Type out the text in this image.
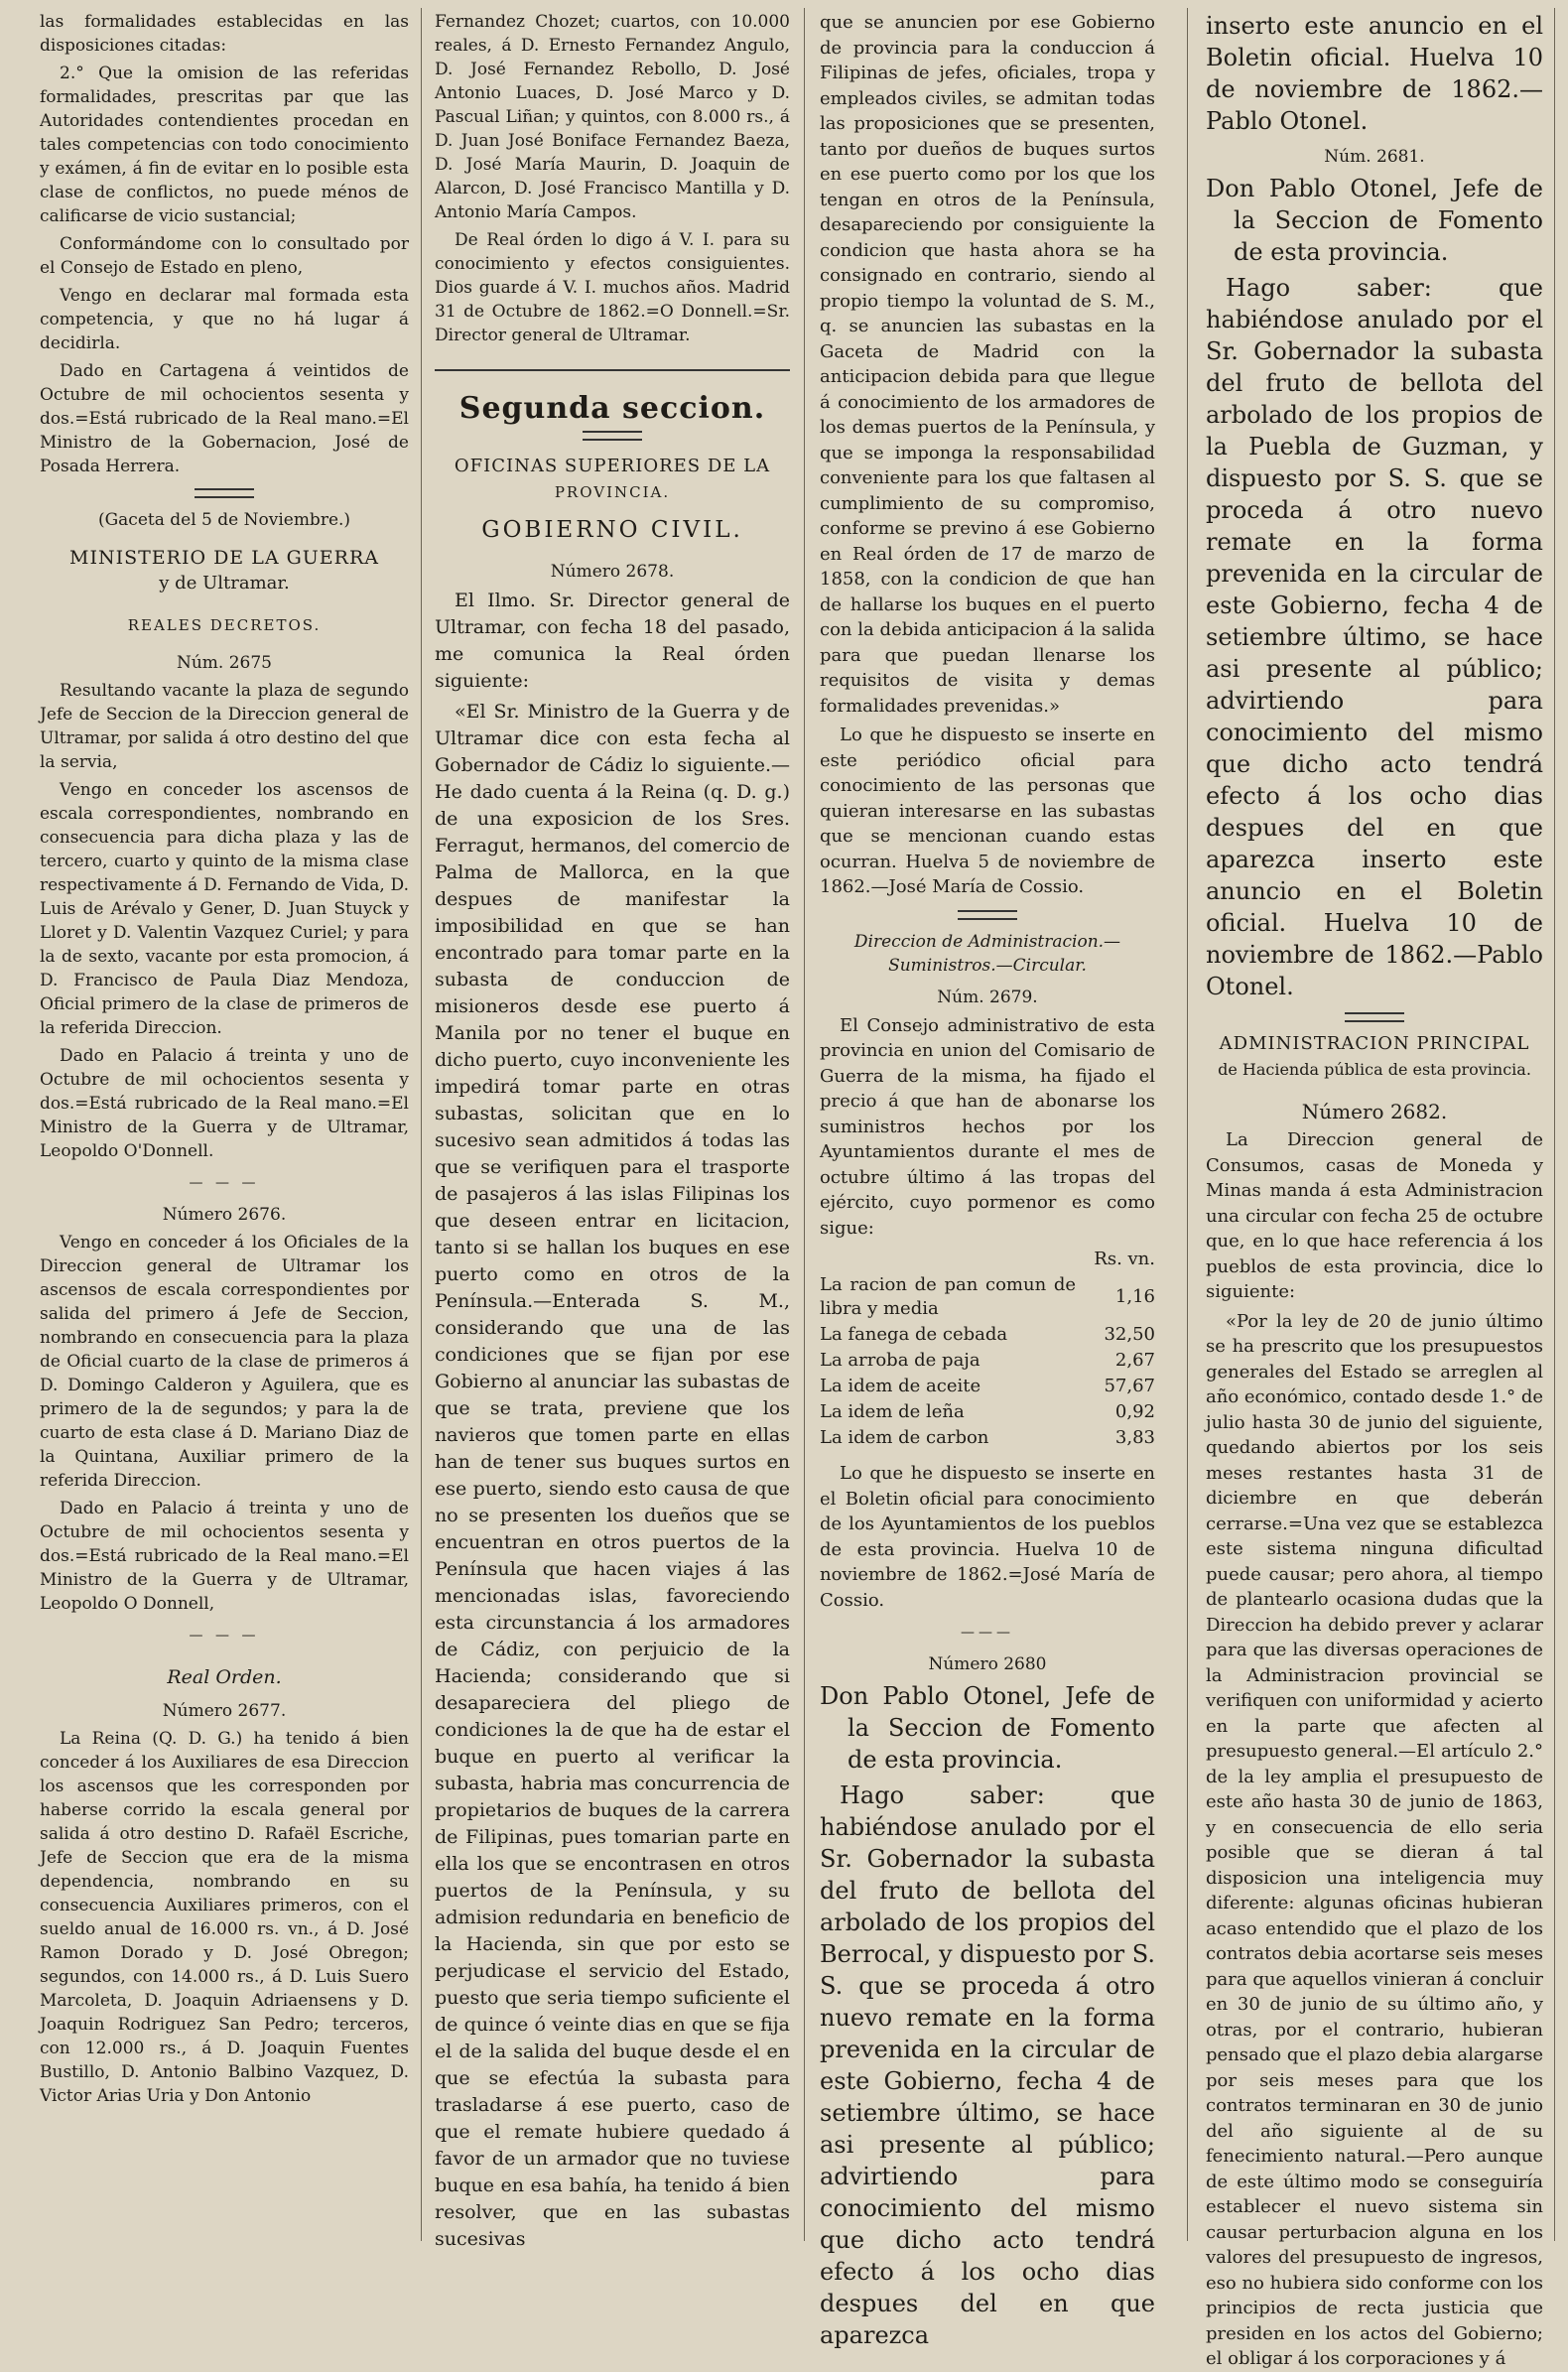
las formalidades establecidas en las disposiciones citadas:

2.° Que la omision de las referidas formalidades, prescritas par que las Autoridades contendientes procedan en tales competencias con todo conocimiento y exámen, á fin de evitar en lo posible esta clase de conflictos, no puede ménos de calificarse de vicio sustancial;

Conformándome con lo consultado por el Consejo de Estado en pleno,

Vengo en declarar mal formada esta competencia, y que no há lugar á decidirla.

Dado en Cartagena á veintidos de Octubre de mil ochocientos sesenta y dos.=Está rubricado de la Real mano.=El Ministro de la Gobernacion, José de Posada Herrera.

(Gaceta del 5 de Noviembre.)

MINISTERIO DE LA GUERRA
y de Ultramar.
REALES DECRETOS.
Núm. 2675

Resultando vacante la plaza de segundo Jefe de Seccion de la Direccion general de Ultramar, por salida á otro destino del que la servia,

Vengo en conceder los ascensos de escala correspondientes, nombrando en consecuencia para dicha plaza y las de tercero, cuarto y quinto de la misma clase respectivamente á D. Fernando de Vida, D. Luis de Arévalo y Gener, D. Juan Stuyck y Lloret y D. Valentin Vazquez Curiel; y para la de sexto, vacante por esta promocion, á D. Francisco de Paula Diaz Mendoza, Oficial primero de la clase de primeros de la referida Direccion.

Dado en Palacio á treinta y uno de Octubre de mil ochocientos sesenta y dos.=Está rubricado de la Real mano.=El Ministro de la Guerra y de Ultramar, Leopoldo O'Donnell.

— — —
Número 2676.

Vengo en conceder á los Oficiales de la Direccion general de Ultramar los ascensos de escala correspondientes por salida del primero á Jefe de Seccion, nombrando en consecuencia para la plaza de Oficial cuarto de la clase de primeros á D. Domingo Calderon y Aguilera, que es primero de la de segundos; y para la de cuarto de esta clase á D. Mariano Diaz de la Quintana, Auxiliar primero de la referida Direccion.

Dado en Palacio á treinta y uno de Octubre de mil ochocientos sesenta y dos.=Está rubricado de la Real mano.=El Ministro de la Guerra y de Ultramar, Leopoldo O Donnell,

— — —
Real Orden.
Número 2677.

La Reina (Q. D. G.) ha tenido á bien conceder á los Auxiliares de esa Direccion los ascensos que les corresponden por haberse corrido la escala general por salida á otro destino D. Rafaël Escriche, Jefe de Seccion que era de la misma dependencia, nombrando en su consecuencia Auxiliares primeros, con el sueldo anual de 16.000 rs. vn., á D. José Ramon Dorado y D. José Obregon; segundos, con 14.000 rs., á D. Luis Suero Marcoleta, D. Joaquin Adriaensens y D. Joaquin Rodriguez San Pedro; terceros, con 12.000 rs., á D. Joaquin Fuentes Bustillo, D. Antonio Balbino Vazquez, D. Victor Arias Uria y Don Antonio

Fernandez Chozet; cuartos, con 10.000 reales, á D. Ernesto Fernandez Angulo, D. José Fernandez Rebollo, D. José Antonio Luaces, D. José Marco y D. Pascual Liñan; y quintos, con 8.000 rs., á D. Juan José Boniface Fernandez Baeza, D. José María Maurin, D. Joaquin de Alarcon, D. José Francisco Mantilla y D. Antonio María Campos.

De Real órden lo digo á V. I. para su conocimiento y efectos consiguientes. Dios guarde á V. I. muchos años. Madrid 31 de Octubre de 1862.=O Donnell.=Sr. Director general de Ultramar.

Segunda seccion.
OFICINAS SUPERIORES DE LA
PROVINCIA.
GOBIERNO CIVIL.
Número 2678.

El Ilmo. Sr. Director general de Ultramar, con fecha 18 del pasado, me comunica la Real órden siguiente:

«El Sr. Ministro de la Guerra y de Ultramar dice con esta fecha al Gobernador de Cádiz lo siguiente.—He dado cuenta á la Reina (q. D. g.) de una exposicion de los Sres. Ferragut, hermanos, del comercio de Palma de Mallorca, en la que despues de manifestar la imposibilidad en que se han encontrado para tomar parte en la subasta de conduccion de misioneros desde ese puerto á Manila por no tener el buque en dicho puerto, cuyo inconveniente les impedirá tomar parte en otras subastas, solicitan que en lo sucesivo sean admitidos á todas las que se verifiquen para el trasporte de pasajeros á las islas Filipinas los que deseen entrar en licitacion, tanto si se hallan los buques en ese puerto como en otros de la Península.—Enterada S. M., considerando que una de las condiciones que se fijan por ese Gobierno al anunciar las subastas de que se trata, previene que los navieros que tomen parte en ellas han de tener sus buques surtos en ese puerto, siendo esto causa de que no se presenten los dueños que se encuentran en otros puertos de la Península que hacen viajes á las mencionadas islas, favoreciendo esta circunstancia á los armadores de Cádiz, con perjuicio de la Hacienda; considerando que si desapareciera del pliego de condiciones la de que ha de estar el buque en puerto al verificar la subasta, habria mas concurrencia de propietarios de buques de la carrera de Filipinas, pues tomarian parte en ella los que se encontrasen en otros puertos de la Península, y su admision redundaria en beneficio de la Hacienda, sin que por esto se perjudicase el servicio del Estado, puesto que seria tiempo suficiente el de quince ó veinte dias en que se fija el de la salida del buque desde el en que se efectúa la subasta para trasladarse á ese puerto, caso de que el remate hubiere quedado á favor de un armador que no tuviese buque en esa bahía, ha tenido á bien resolver, que en las subastas sucesivas

que se anuncien por ese Gobierno de provincia para la conduccion á Filipinas de jefes, oficiales, tropa y empleados civiles, se admitan todas las proposiciones que se presenten, tanto por dueños de buques surtos en ese puerto como por los que los tengan en otros de la Península, desapareciendo por consiguiente la condicion que hasta ahora se ha consignado en contrario, siendo al propio tiempo la voluntad de S. M., q. se anuncien las subastas en la Gaceta de Madrid con la anticipacion debida para que llegue á conocimiento de los armadores de los demas puertos de la Península, y que se imponga la responsabilidad conveniente para los que faltasen al cumplimiento de su compromiso, conforme se previno á ese Gobierno en Real órden de 17 de marzo de 1858, con la condicion de que han de hallarse los buques en el puerto con la debida anticipacion á la salida para que puedan llenarse los requisitos de visita y demas formalidades prevenidas.»

Lo que he dispuesto se inserte en este periódico oficial para conocimiento de las personas que quieran interesarse en las subastas que se mencionan cuando estas ocurran. Huelva 5 de noviembre de 1862.—José María de Cossio.

Direccion de Administracion.—Suministros.—Circular.

Núm. 2679.

El Consejo administrativo de esta provincia en union del Comisario de Guerra de la misma, ha fijado el precio á que han de abonarse los suministros hechos por los Ayuntamientos durante el mes de octubre último á las tropas del ejército, cuyo pormenor es como sigue:

Rs. vn.	
La racion de pan comun de libra y media	1,16
La fanega de cebada	32,50
La arroba de paja	2,67
La idem de aceite	57,67
La idem de leña	0,92
La idem de carbon	3,83

Lo que he dispuesto se inserte en el Boletin oficial para conocimiento de los Ayuntamientos de los pueblos de esta provincia. Huelva 10 de noviembre de 1862.=José María de Cossio.

———
Número 2680

Don Pablo Otonel, Jefe de la Seccion de Fomento de esta provincia.

Hago saber: que habiéndose anulado por el Sr. Gobernador la subasta del fruto de bellota del arbolado de los propios del Berrocal, y dispuesto por S. S. que se proceda á otro nuevo remate en la forma prevenida en la circular de este Gobierno, fecha 4 de setiembre último, se hace asi presente al público; advirtiendo para conocimiento del mismo que dicho acto tendrá efecto á los ocho dias despues del en que aparezca

inserto este anuncio en el Boletin oficial. Huelva 10 de noviembre de 1862.—Pablo Otonel.

Núm. 2681.

Don Pablo Otonel, Jefe de la Seccion de Fomento de esta provincia.

Hago saber: que habiéndose anulado por el Sr. Gobernador la subasta del fruto de bellota del arbolado de los propios de la Puebla de Guzman, y dispuesto por S. S. que se proceda á otro nuevo remate en la forma prevenida en la circular de este Gobierno, fecha 4 de setiembre último, se hace asi presente al público; advirtiendo para conocimiento del mismo que dicho acto tendrá efecto á los ocho dias despues del en que aparezca inserto este anuncio en el Boletin oficial. Huelva 10 de noviembre de 1862.—Pablo Otonel.

ADMINISTRACION PRINCIPAL
de Hacienda pública de esta provincia.
Número 2682.

La Direccion general de Consumos, casas de Moneda y Minas manda á esta Administracion una circular con fecha 25 de octubre que, en lo que hace referencia á los pueblos de esta provincia, dice lo siguiente:

«Por la ley de 20 de junio último se ha prescrito que los presupuestos generales del Estado se arreglen al año económico, contado desde 1.° de julio hasta 30 de junio del siguiente, quedando abiertos por los seis meses restantes hasta 31 de diciembre en que deberán cerrarse.=Una vez que se establezca este sistema ninguna dificultad puede causar; pero ahora, al tiempo de plantearlo ocasiona dudas que la Direccion ha debido prever y aclarar para que las diversas operaciones de la Administracion provincial se verifiquen con uniformidad y acierto en la parte que afecten al presupuesto general.—El artículo 2.° de la ley amplia el presupuesto de este año hasta 30 de junio de 1863, y en consecuencia de ello seria posible que se dieran á tal disposicion una inteligencia muy diferente: algunas oficinas hubieran acaso entendido que el plazo de los contratos debia acortarse seis meses para que aquellos vinieran á concluir en 30 de junio de su último año, y otras, por el contrario, hubieran pensado que el plazo debia alargarse por seis meses para que los contratos terminaran en 30 de junio del año siguiente al de su fenecimiento natural.—Pero aunque de este último modo se conseguiría establecer el nuevo sistema sin causar perturbacion alguna en los valores del presupuesto de ingresos, eso no hubiera sido conforme con los principios de recta justicia que presiden en los actos del Gobierno; el obligar á los corporaciones y á
